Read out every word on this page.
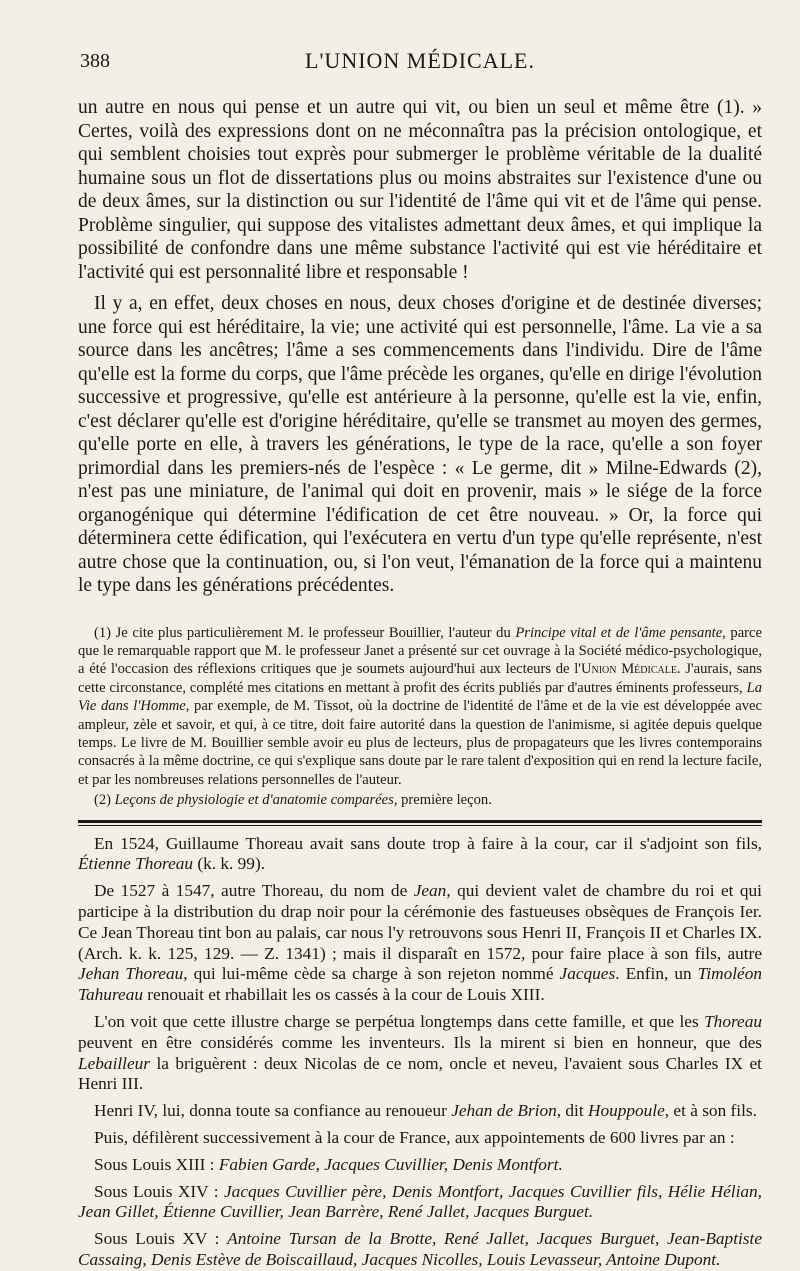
388	L'UNION MÉDICALE.

un autre en nous qui pense et un autre qui vit, ou bien un seul et même être (1). » Certes, voilà des expressions dont on ne méconnaîtra pas la précision ontologique, et qui semblent choisies tout exprès pour submerger le problème véritable de la dualité humaine sous un flot de dissertations plus ou moins abstraites sur l'existence d'une ou de deux âmes, sur la distinction ou sur l'identité de l'âme qui vit et de l'âme qui pense. Problème singulier, qui suppose des vitalistes admettant deux âmes, et qui implique la possibilité de confondre dans une même substance l'activité qui est vie héréditaire et l'activité qui est personnalité libre et responsable !

Il y a, en effet, deux choses en nous, deux choses d'origine et de destinée diverses; une force qui est héréditaire, la vie; une activité qui est personnelle, l'âme. La vie a sa source dans les ancêtres; l'âme a ses commencements dans l'individu. Dire de l'âme qu'elle est la forme du corps, que l'âme précède les organes, qu'elle en dirige l'évolution successive et progressive, qu'elle est antérieure à la personne, qu'elle est la vie, enfin, c'est déclarer qu'elle est d'origine héréditaire, qu'elle se transmet au moyen des germes, qu'elle porte en elle, à travers les générations, le type de la race, qu'elle a son foyer primordial dans les premiers-nés de l'espèce : « Le germe, dit » Milne-Edwards (2), n'est pas une miniature, de l'animal qui doit en provenir, mais » le siége de la force organogénique qui détermine l'édification de cet être nouveau. » Or, la force qui déterminera cette édification, qui l'exécutera en vertu d'un type qu'elle représente, n'est autre chose que la continuation, ou, si l'on veut, l'émanation de la force qui a maintenu le type dans les générations précédentes.

(1) Je cite plus particulièrement M. le professeur Bouillier, l'auteur du Principe vital et de l'âme pensante, parce que le remarquable rapport que M. le professeur Janet a présenté sur cet ouvrage à la Société médico-psychologique, a été l'occasion des réflexions critiques que je soumets aujourd'hui aux lecteurs de l'Union Médicale. J'aurais, sans cette circonstance, complété mes citations en mettant à profit des écrits publiés par d'autres éminents professeurs, La Vie dans l'Homme, par exemple, de M. Tissot, où la doctrine de l'identité de l'âme et de la vie est développée avec ampleur, zèle et savoir, et qui, à ce titre, doit faire autorité dans la question de l'animisme, si agitée depuis quelque temps. Le livre de M. Bouillier semble avoir eu plus de lecteurs, plus de propagateurs que les livres contemporains consacrés à la même doctrine, ce qui s'explique sans doute par le rare talent d'exposition qui en rend la lecture facile, et par les nombreuses relations personnelles de l'auteur.

(2) Leçons de physiologie et d'anatomie comparées, première leçon.

En 1524, Guillaume Thoreau avait sans doute trop à faire à la cour, car il s'adjoint son fils, Étienne Thoreau (k. k. 99).

De 1527 à 1547, autre Thoreau, du nom de Jean, qui devient valet de chambre du roi et qui participe à la distribution du drap noir pour la cérémonie des fastueuses obsèques de François Ier. Ce Jean Thoreau tint bon au palais, car nous l'y retrouvons sous Henri II, François II et Charles IX. (Arch. k. k. 125, 129. — Z. 1341) ; mais il disparaît en 1572, pour faire place à son fils, autre Jehan Thoreau, qui lui-même cède sa charge à son rejeton nommé Jacques. Enfin, un Timoléon Tahureau renouait et rhabillait les os cassés à la cour de Louis XIII.

L'on voit que cette illustre charge se perpétua longtemps dans cette famille, et que les Thoreau peuvent en être considérés comme les inventeurs. Ils la mirent si bien en honneur, que des Lebailleur la briguèrent : deux Nicolas de ce nom, oncle et neveu, l'avaient sous Charles IX et Henri III.

Henri IV, lui, donna toute sa confiance au renoueur Jehan de Brion, dit Houppoule, et à son fils.

Puis, défilèrent successivement à la cour de France, aux appointements de 600 livres par an :

Sous Louis XIII : Fabien Garde, Jacques Cuvillier, Denis Montfort.

Sous Louis XIV : Jacques Cuvillier père, Denis Montfort, Jacques Cuvillier fils, Hélie Hélian, Jean Gillet, Étienne Cuvillier, Jean Barrère, René Jallet, Jacques Burguet.

Sous Louis XV : Antoine Tursan de la Brotte, René Jallet, Jacques Burguet, Jean-Baptiste Cassaing, Denis Estève de Boiscaillaud, Jacques Nicolles, Louis Levasseur, Antoine Dupont.
